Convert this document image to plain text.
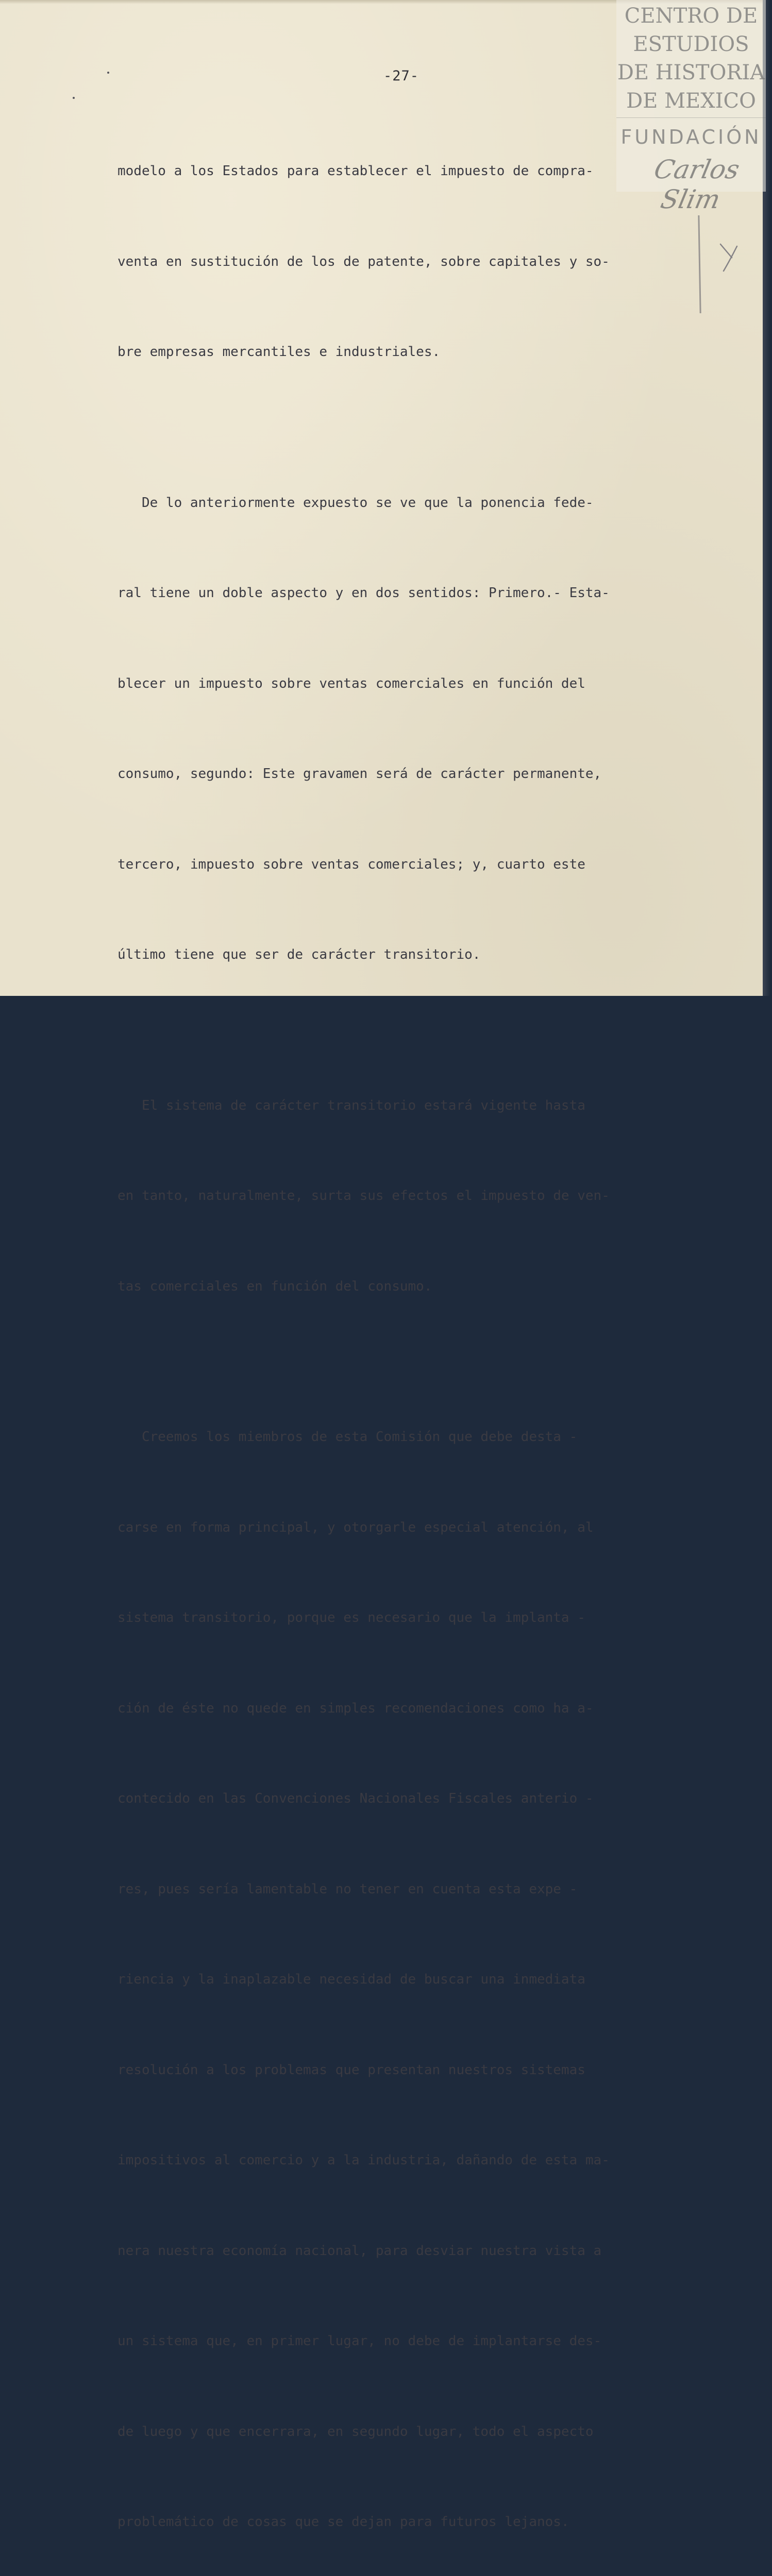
CENTRO DE
ESTUDIOS
DE HISTORIA
DE MEXICO
FUNDACIÓN
Carlos Slim
-27-

modelo a los Estados para establecer el impuesto de compra-

venta en sustitución de los de patente, sobre capitales y so-

bre empresas mercantiles e industriales.

De lo anteriormente expuesto se ve que la ponencia fede-

ral tiene un doble aspecto y en dos sentidos: Primero.- Esta-

blecer un impuesto sobre ventas comerciales en función del

consumo, segundo: Este gravamen será de carácter permanente,

tercero, impuesto sobre ventas comerciales; y, cuarto este

último tiene que ser de carácter transitorio.

El sistema de carácter transitorio estará vigente hasta

en tanto, naturalmente, surta sus efectos el impuesto de ven-

tas comerciales en función del consumo.

Creemos los miembros de esta Comisión que debe desta -

carse en forma principal, y otorgarle especial atención, al

sistema transitorio, porque es necesario que la implanta -

ción de éste no quede en simples recomendaciones como ha a-

contecido en las Convenciones Nacionales Fiscales anterio -

res, pues sería lamentable no tener en cuenta esta expe -

riencia y la inaplazable necesidad de buscar una inmediata

resolución a los problemas que presentan nuestros sistemas

impositivos al comercio y a la industria, dañando de esta ma-

nera nuestra economía nacional, para desviar nuestra vista a

un sistema que, en primer lugar, no debe de implantarse des-

de luego y que encerrara, en segundo lugar, todo el aspecto

problemático de cosas que se dejan para futuros lejanos.
